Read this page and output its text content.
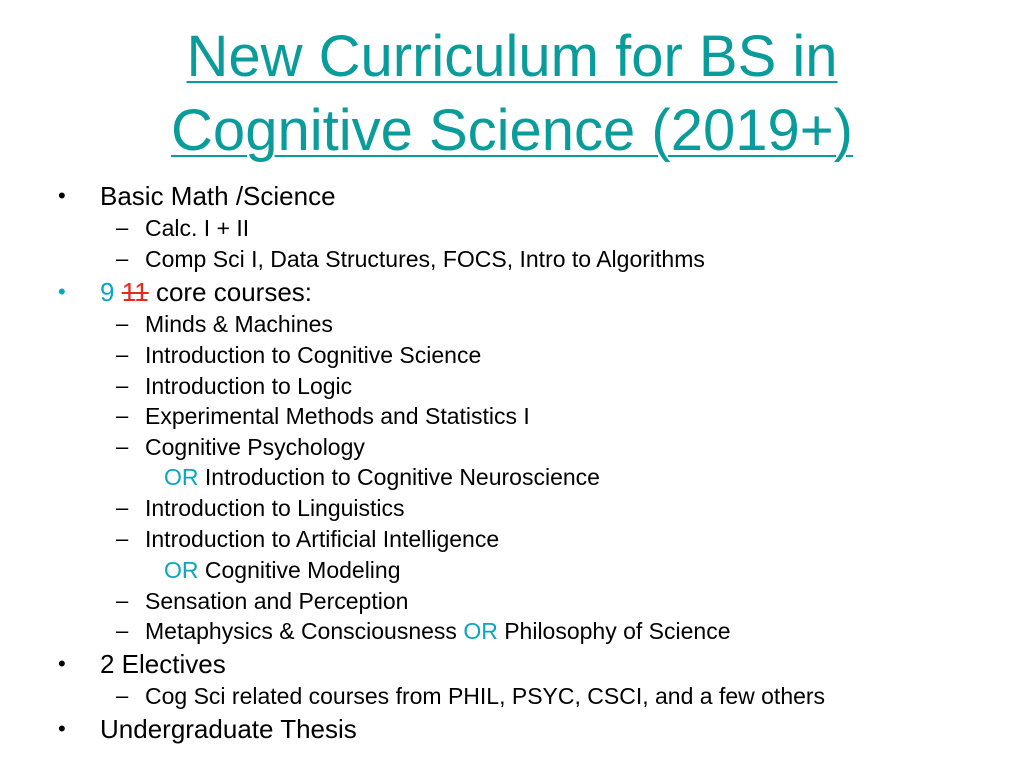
New Curriculum for BS in
Cognitive Science (2019+)
• Basic Math /Science
– Calc. I + II
– Comp Sci I, Data Structures, FOCS, Intro to Algorithms
• 9 11 core courses:
– Minds & Machines
– Introduction to Cognitive Science
– Introduction to Logic
– Experimental Methods and Statistics I
– Cognitive Psychology
OR Introduction to Cognitive Neuroscience
– Introduction to Linguistics
– Introduction to Artificial Intelligence
OR Cognitive Modeling
– Sensation and Perception
– Metaphysics & Consciousness OR Philosophy of Science
• 2 Electives
– Cog Sci related courses from PHIL, PSYC, CSCI, and a few others
• Undergraduate Thesis
